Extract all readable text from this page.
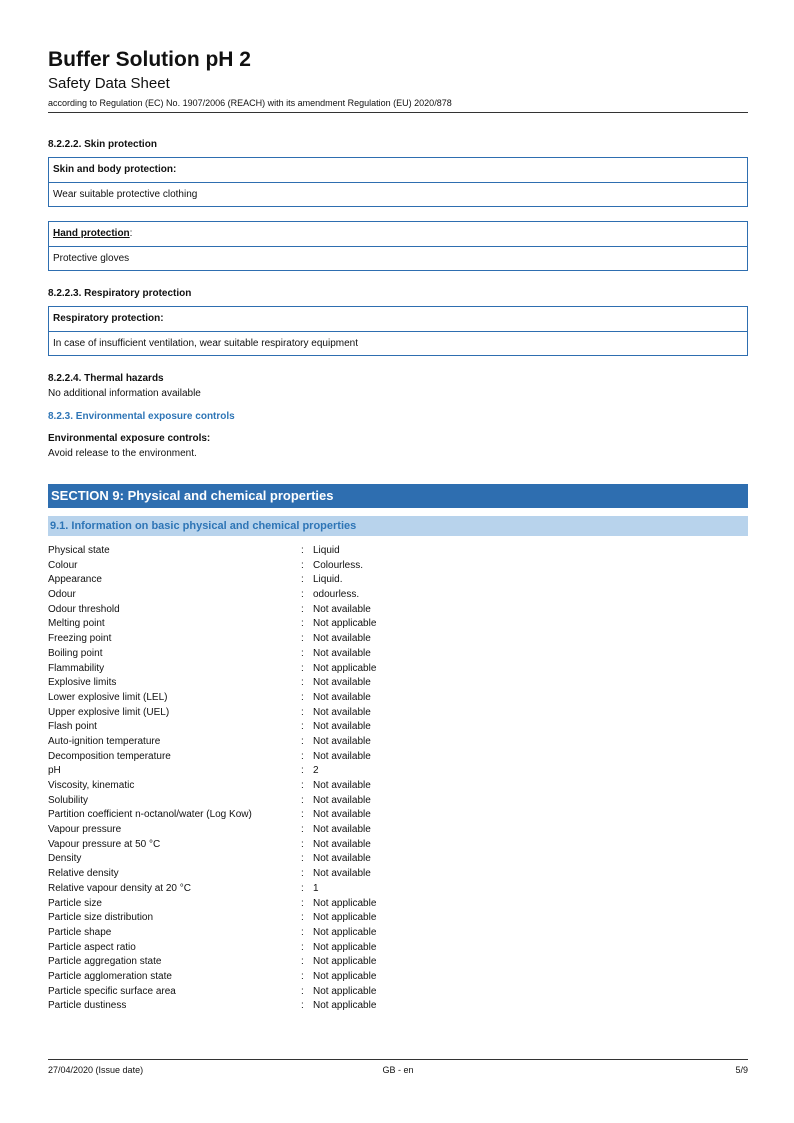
Buffer Solution pH 2
Safety Data Sheet
according to Regulation (EC) No. 1907/2006 (REACH) with its amendment Regulation (EU) 2020/878
8.2.2.2. Skin protection
Skin and body protection:
Wear suitable protective clothing
Hand protection:
Protective gloves
8.2.2.3. Respiratory protection
Respiratory protection:
In case of insufficient ventilation, wear suitable respiratory equipment
8.2.2.4. Thermal hazards
No additional information available
8.2.3. Environmental exposure controls
Environmental exposure controls:
Avoid release to the environment.
SECTION 9: Physical and chemical properties
9.1. Information on basic physical and chemical properties
Physical state	: Liquid
Colour	: Colourless.
Appearance	: Liquid.
Odour	: odourless.
Odour threshold	: Not available
Melting point	: Not applicable
Freezing point	: Not available
Boiling point	: Not available
Flammability	: Not applicable
Explosive limits	: Not available
Lower explosive limit (LEL)	: Not available
Upper explosive limit (UEL)	: Not available
Flash point	: Not available
Auto-ignition temperature	: Not available
Decomposition temperature	: Not available
pH	: 2
Viscosity, kinematic	: Not available
Solubility	: Not available
Partition coefficient n-octanol/water (Log Kow)	: Not available
Vapour pressure	: Not available
Vapour pressure at 50 °C	: Not available
Density	: Not available
Relative density	: Not available
Relative vapour density at 20 °C	: 1
Particle size	: Not applicable
Particle size distribution	: Not applicable
Particle shape	: Not applicable
Particle aspect ratio	: Not applicable
Particle aggregation state	: Not applicable
Particle agglomeration state	: Not applicable
Particle specific surface area	: Not applicable
Particle dustiness	: Not applicable
27/04/2020 (Issue date)	GB - en	5/9
